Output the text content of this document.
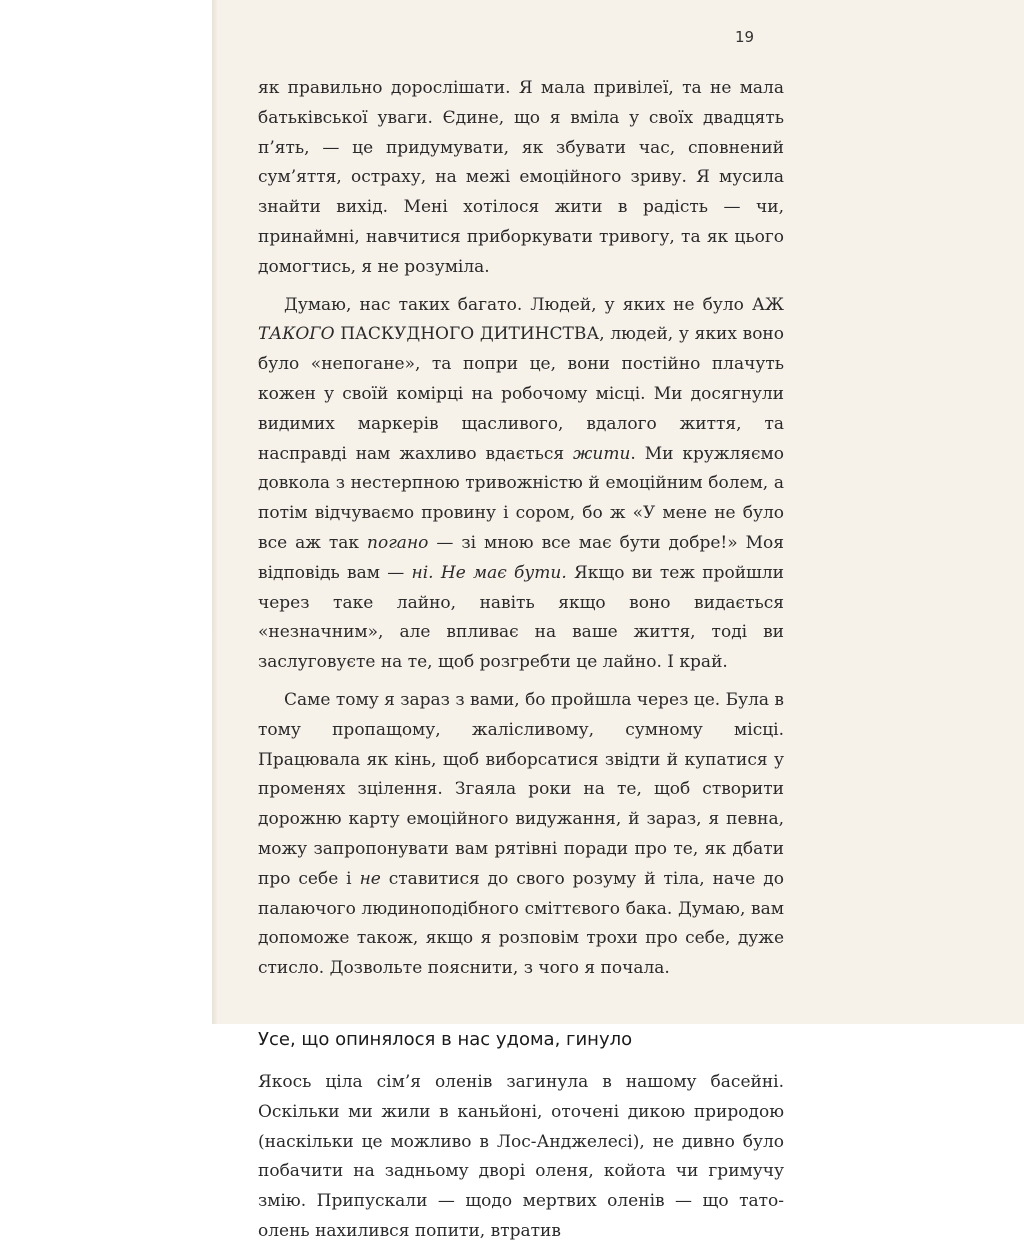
19

як правильно дорослішати. Я мала привілеї, та не мала батьківської уваги. Єдине, що я вміла у своїх двадцять п’ять, — це придумувати, як збувати час, сповнений сум’яття, остраху, на межі емоційного зриву. Я мусила знайти вихід. Мені хотілося жити в радість — чи, принаймні, навчитися приборкувати тривогу, та як цього домогтись, я не розуміла.

Думаю, нас таких багато. Людей, у яких не було АЖ ТАКОГО ПАСКУДНОГО ДИТИНСТВА, людей, у яких воно було «непогане», та попри це, вони постійно плачуть кожен у своїй комірці на робочому місці. Ми досягнули видимих маркерів щасливого, вдалого життя, та насправді нам жахливо вдається жити. Ми кружляємо довкола з нестерпною тривожністю й емоційним болем, а потім відчуваємо провину і сором, бо ж «У мене не було все аж так погано — зі мною все має бути добре!» Моя відповідь вам — ні. Не має бути. Якщо ви теж пройшли через таке лайно, навіть якщо воно видається «незначним», але впливає на ваше життя, тоді ви заслуговуєте на те, щоб розгребти це лайно. І край.

Саме тому я зараз з вами, бо пройшла через це. Була в тому пропащому, жалісливому, сумному місці. Працювала як кінь, щоб виборсатися звідти й купатися у променях зцілення. Згаяла роки на те, щоб створити дорожню карту емоційного видужання, й зараз, я певна, можу запропонувати вам рятівні поради про те, як дбати про себе і не ставитися до свого розуму й тіла, наче до палаючого людиноподібного сміттєвого бака. Думаю, вам допоможе також, якщо я розповім трохи про себе, дуже стисло. Дозвольте пояснити, з чого я почала.

Усе, що опинялося в нас удома, гинуло

Якось ціла сім’я оленів загинула в нашому басейні. Оскільки ми жили в каньйоні, оточені дикою природою (наскільки це можливо в Лос-Анджелесі), не дивно було побачити на задньому дворі оленя, койота чи гримучу змію. Припускали — щодо мертвих оленів — що тато-олень нахилився попити, втратив
